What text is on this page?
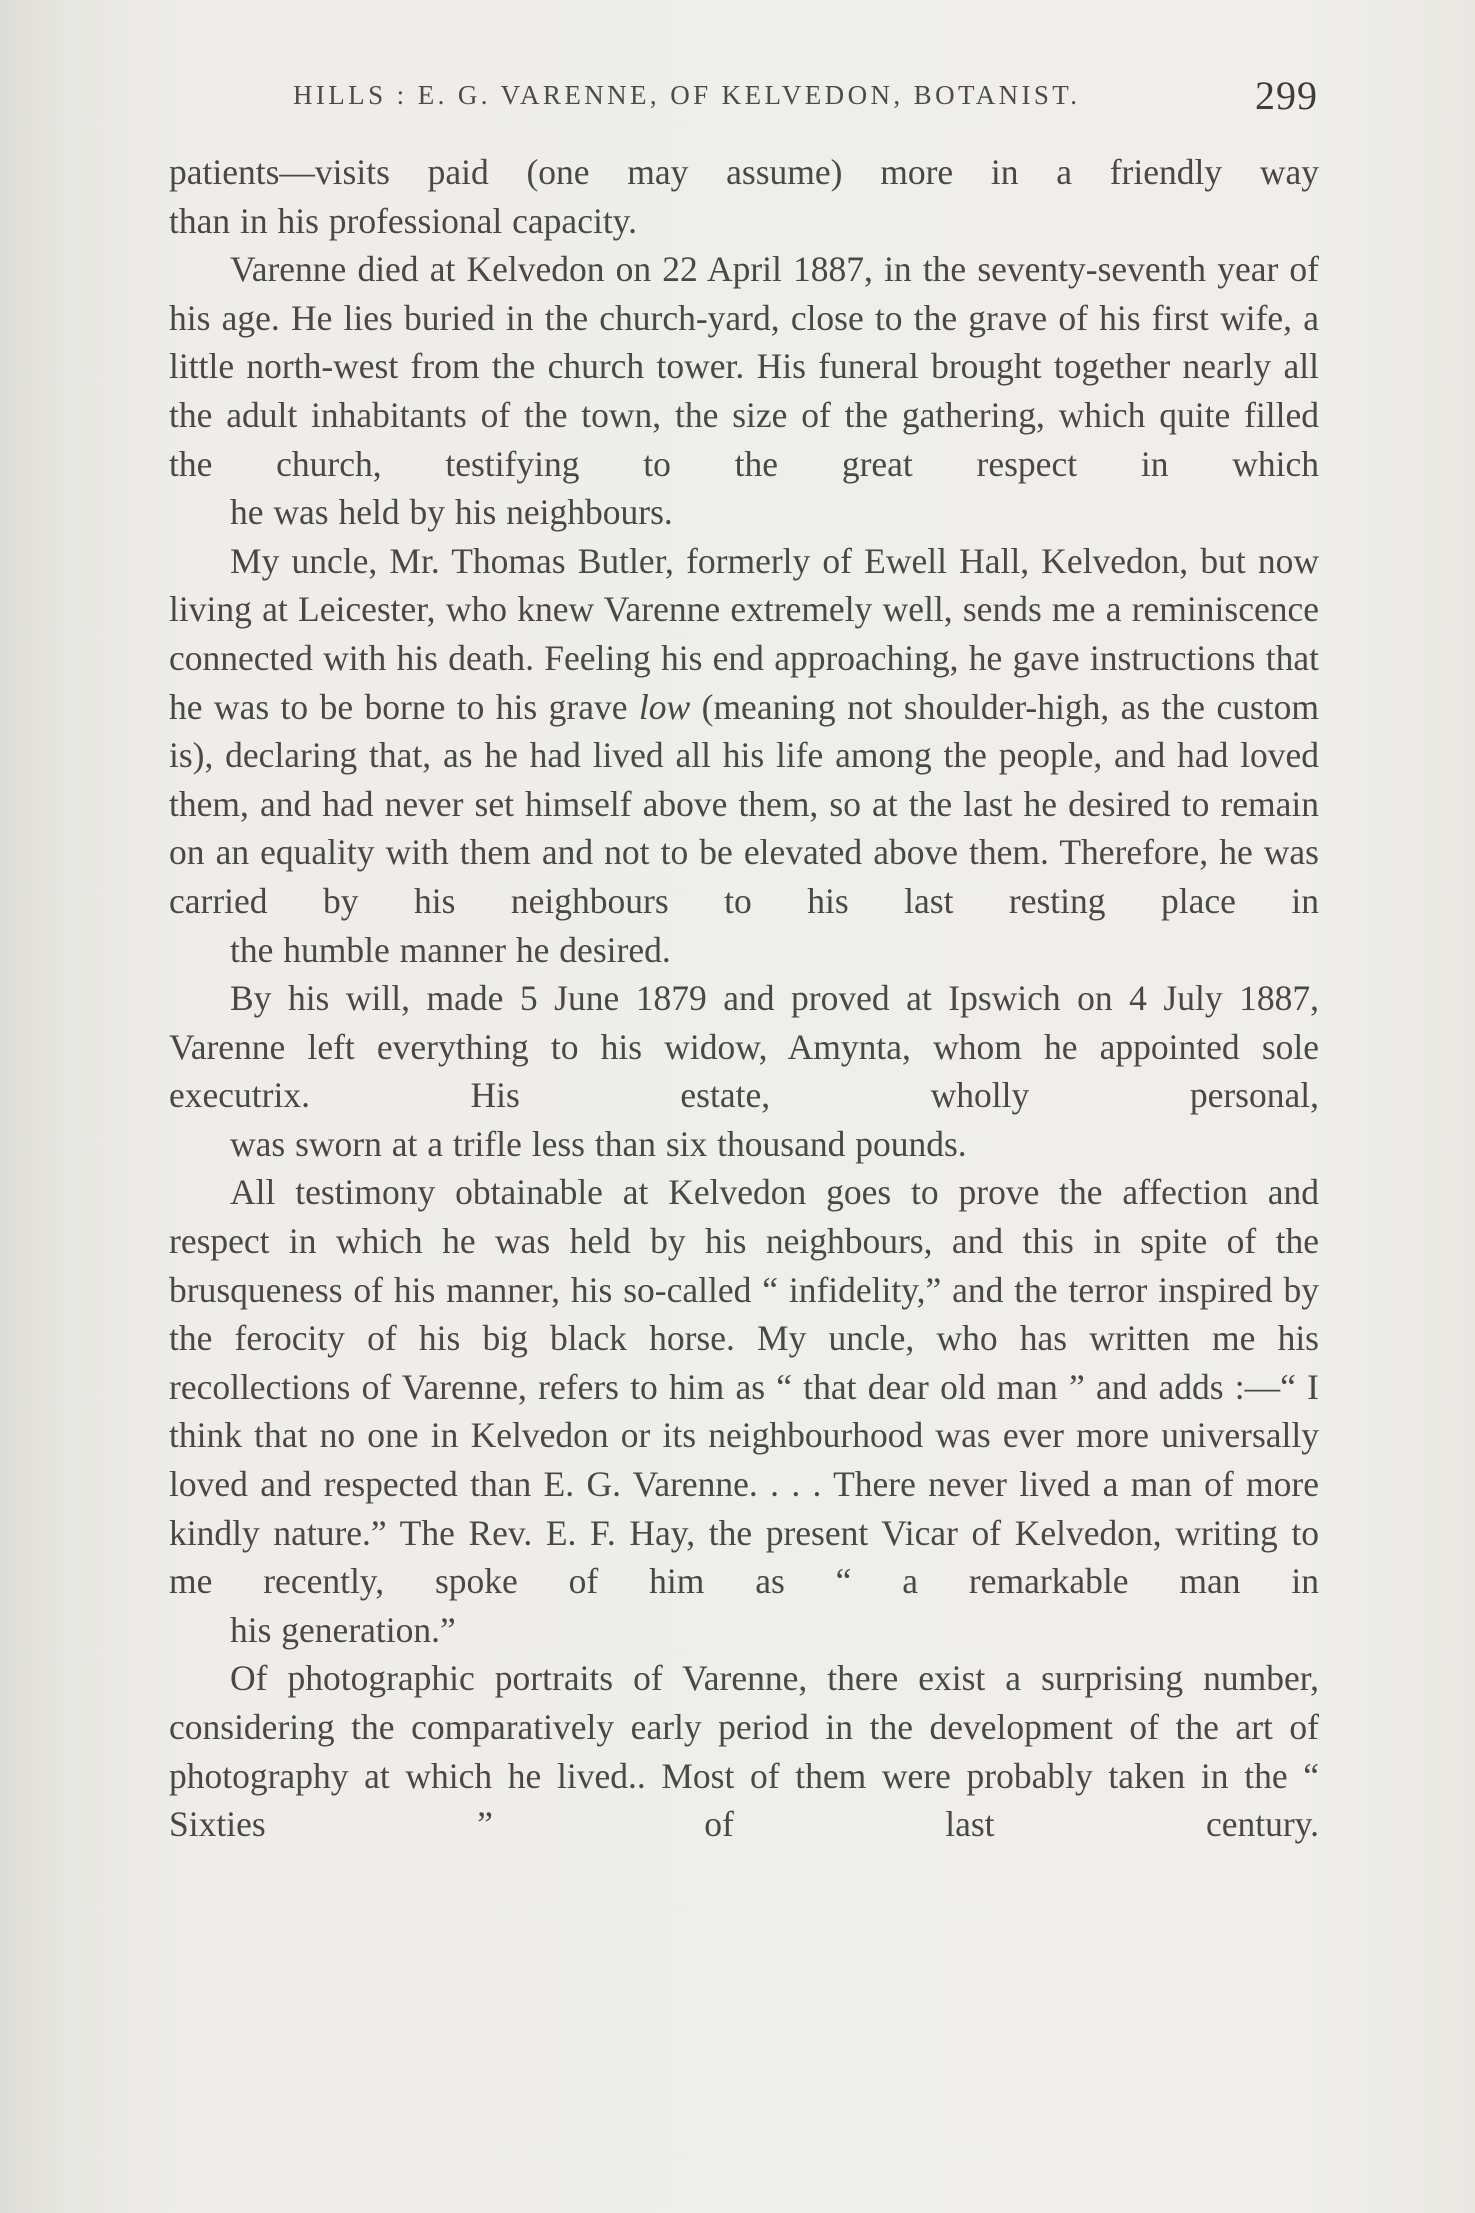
HILLS : E. G. VARENNE, OF KELVEDON, BOTANIST.	299

patients—visits paid (one may assume) more in a friendly way
than in his professional capacity.

Varenne died at Kelvedon on 22 April 1887, in the seventy-seventh year of his age. He lies buried in the church-yard, close to the grave of his first wife, a little north-west from the church tower. His funeral brought together nearly all the adult inhabitants of the town, the size of the gathering, which quite filled the church, testifying to the great respect in which
he was held by his neighbours.

My uncle, Mr. Thomas Butler, formerly of Ewell Hall, Kelvedon, but now living at Leicester, who knew Varenne extremely well, sends me a reminiscence connected with his death. Feeling his end approaching, he gave instructions that he was to be borne to his grave low (meaning not shoulder-high, as the custom is), declaring that, as he had lived all his life among the people, and had loved them, and had never set himself above them, so at the last he desired to remain on an equality with them and not to be elevated above them. Therefore, he was carried by his neighbours to his last resting place in
the humble manner he desired.

By his will, made 5 June 1879 and proved at Ipswich on 4 July 1887, Varenne left everything to his widow, Amynta, whom he appointed sole executrix. His estate, wholly personal,
was sworn at a trifle less than six thousand pounds.

All testimony obtainable at Kelvedon goes to prove the affection and respect in which he was held by his neighbours, and this in spite of the brusqueness of his manner, his so-called “ infidelity,” and the terror inspired by the ferocity of his big black horse. My uncle, who has written me his recollections of Varenne, refers to him as “ that dear old man ” and adds :—“ I think that no one in Kelvedon or its neighbourhood was ever more universally loved and respected than E. G. Varenne. . . . There never lived a man of more kindly nature.” The Rev. E. F. Hay, the present Vicar of Kelvedon, writing to me recently, spoke of him as “ a remarkable man in
his generation.”

Of photographic portraits of Varenne, there exist a surprising number, considering the comparatively early period in the development of the art of photography at which he lived.. Most of them were probably taken in the “ Sixties ” of last century.
